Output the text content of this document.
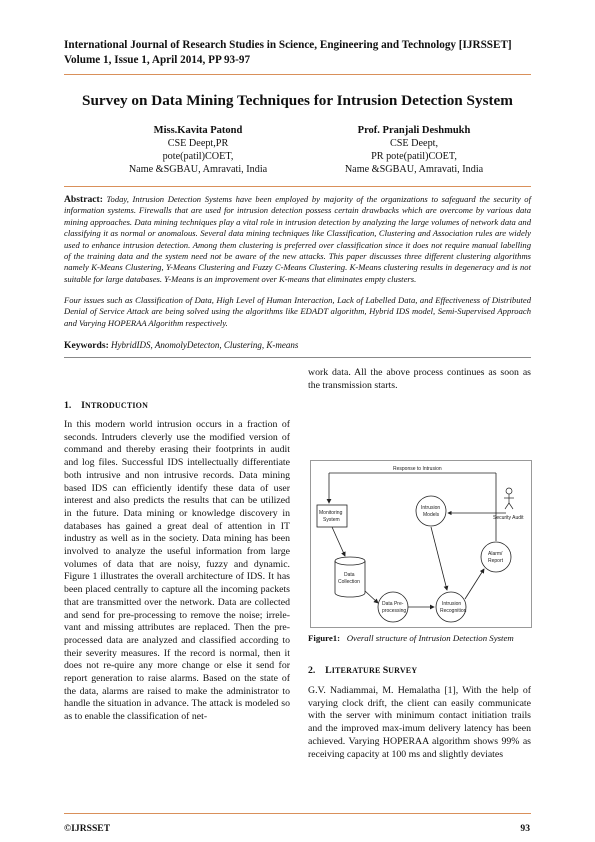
International Journal of Research Studies in Science, Engineering and Technology [IJRSSET]
Volume 1, Issue 1, April 2014, PP 93-97
Survey on Data Mining Techniques for Intrusion Detection System
Miss.Kavita Patond
CSE Deept,PR
pote(patil)COET,
Name &SGBAU, Amravati, India
Prof. Pranjali Deshmukh
CSE Deept,
PR pote(patil)COET,
Name &SGBAU, Amravati, India
Abstract: Today, Intrusion Detection Systems have been employed by majority of the organizations to safeguard the security of information systems. Firewalls that are used for intrusion detection possess certain drawbacks which are overcome by various data mining approaches. Data mining techniques play a vital role in intrusion detection by analyzing the large volumes of network data and classifying it as normal or anomalous. Several data mining techniques like Classification, Clustering and Association rules are widely used to enhance intrusion detection. Among them clustering is preferred over classification since it does not require manual labelling of the training data and the system need not be aware of the new attacks. This paper discusses three different clustering algorithms namely K-Means Clustering, Y-Means Clustering and Fuzzy C-Means Clustering. K-Means clustering results in degeneracy and is not suitable for large databases. Y-Means is an improvement over K-means that eliminates empty clusters.
Four issues such as Classification of Data, High Level of Human Interaction, Lack of Labelled Data, and Effectiveness of Distributed Denial of Service Attack are being solved using the algorithms like EDADT algorithm, Hybrid IDS model, Semi-Supervised Approach and Varying HOPERAA Algorithm respectively.
Keywords: HybridIDS, AnomolyDetecton, Clustering, K-means
1. INTRODUCTION
In this modern world intrusion occurs in a fraction of seconds. Intruders cleverly use the modified version of command and thereby erasing their footprints in audit and log files. Successful IDS intellectually differentiate both intrusive and non intrusive records. Data mining based IDS can efficiently identify these data of user interest and also predicts the results that can be utilized in the future. Data mining or knowledge discovery in databases has gained a great deal of attention in IT industry as well as in the society. Data mining has been involved to analyze the useful information from large volumes of data that are noisy, fuzzy and dynamic. Figure 1 illustrates the overall architecture of IDS. It has been placed centrally to capture all the incoming packets that are transmitted over the network. Data are collected and send for pre-processing to remove the noise; irrele-vant and missing attributes are replaced. Then the pre-processed data are analyzed and classified according to their severity measures. If the record is normal, then it does not re-quire any more change or else it send for report generation to raise alarms. Based on the state of the data, alarms are raised to make the administrator to handle the situation in advance. The attack is modeled so as to enable the classification of net-
work data. All the above process continues as soon as the transmission starts.
Response to Intrusion
Monitoring
System
Intrusion
Models	Security Audit
Alarm/
Report
Data
Collection
Data Pre-
processing
Intrusion
Recognition
Figure1: Overall structure of Intrusion Detection System
2. LITERATURE SURVEY
G.V. Nadiammai, M. Hemalatha [1], With the help of varying clock drift, the client can easily communicate with the server with minimum contact initiation trails and the improved max-imum delivery latency has been achieved. Varying HOPERAA algorithm shows 99% as receiving capacity at 100 ms and slightly deviates
©IJRSSET	93
